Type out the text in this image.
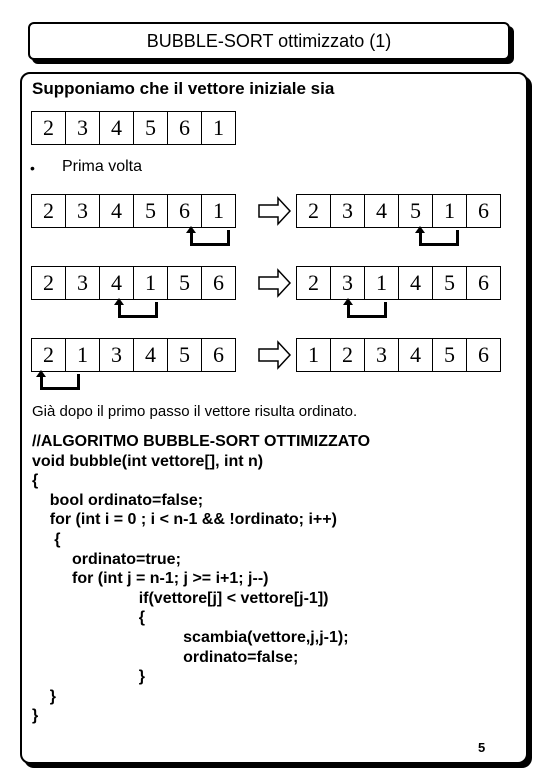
BUBBLE-SORT ottimizzato (1)
Supponiamo che il vettore iniziale sia
2	3	4	5	6	1
• Prima volta
2	3	4	5	6	1	2	3	4	5	1	6
2	3	4	1	5	6	2	3	1	4	5	6
2	1	3	4	5	6	1	2	3	4	5	6
Già dopo il primo passo il vettore risulta ordinato.
//ALGORITMO BUBBLE-SORT OTTIMIZZATO
void bubble(int vettore[], int n)
{
bool ordinato=false;
for (int i = 0 ; i < n-1 && !ordinato; i++)
{
ordinato=true;
for (int j = n-1; j >= i+1; j--)
if(vettore[j] < vettore[j-1])
{
scambia(vettore,j,j-1);
ordinato=false;
}
}
}
5
